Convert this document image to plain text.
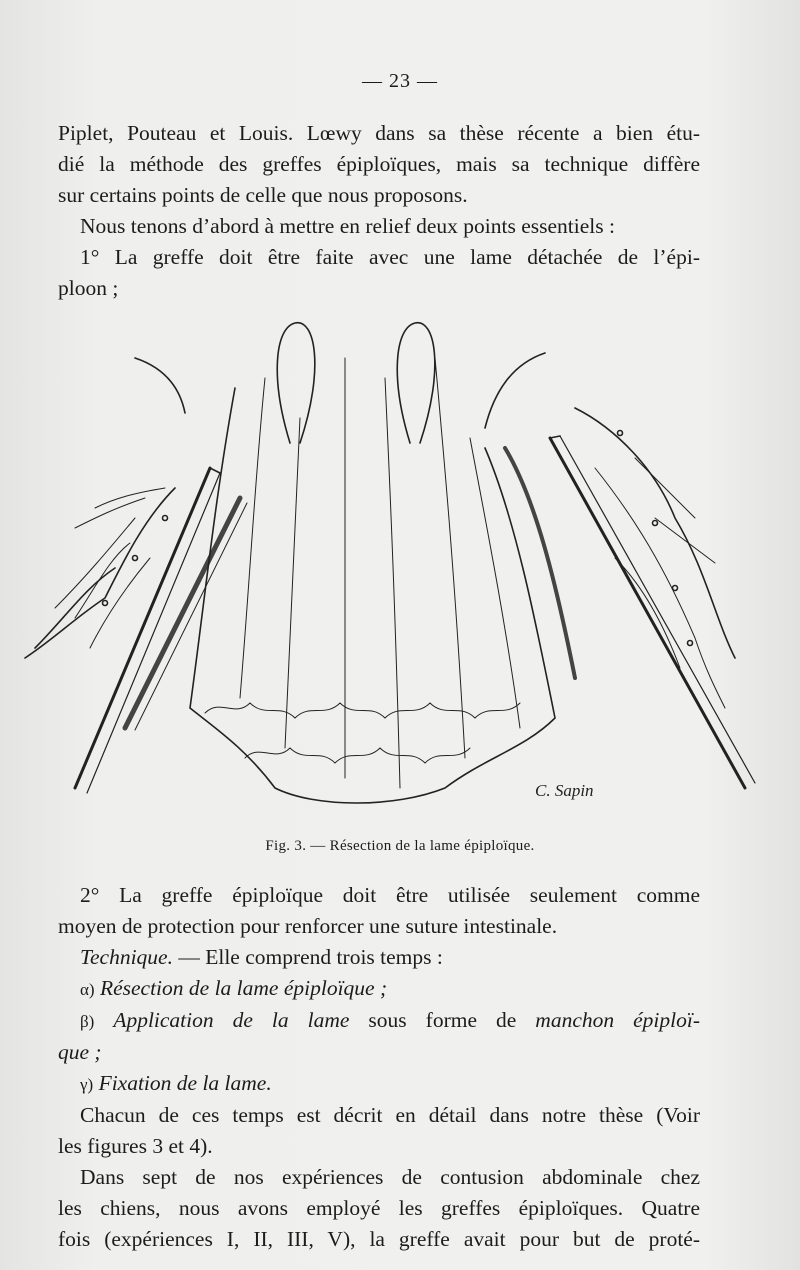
— 23 —

Piplet, Pouteau et Louis. Lœwy dans sa thèse récente a bien étu-

dié la méthode des greffes épiploïques, mais sa technique diffère

sur certains points de celle que nous proposons.

Nous tenons d’abord à mettre en relief deux points essentiels :

1° La greffe doit être faite avec une lame détachée de l’épi-

ploon ;

C. Sapin
Fig. 3. — Résection de la lame épiploïque.

2° La greffe épiploïque doit être utilisée seulement comme

moyen de protection pour renforcer une suture intestinale.

Technique. — Elle comprend trois temps :

α) Résection de la lame épiploïque ;

β) Application de la lame sous forme de manchon épiploï-

que ;

γ) Fixation de la lame.

Chacun de ces temps est décrit en détail dans notre thèse (Voir

les figures 3 et 4).

Dans sept de nos expériences de contusion abdominale chez

les chiens, nous avons employé les greffes épiploïques. Quatre

fois (expériences I, II, III, V), la greffe avait pour but de proté-
